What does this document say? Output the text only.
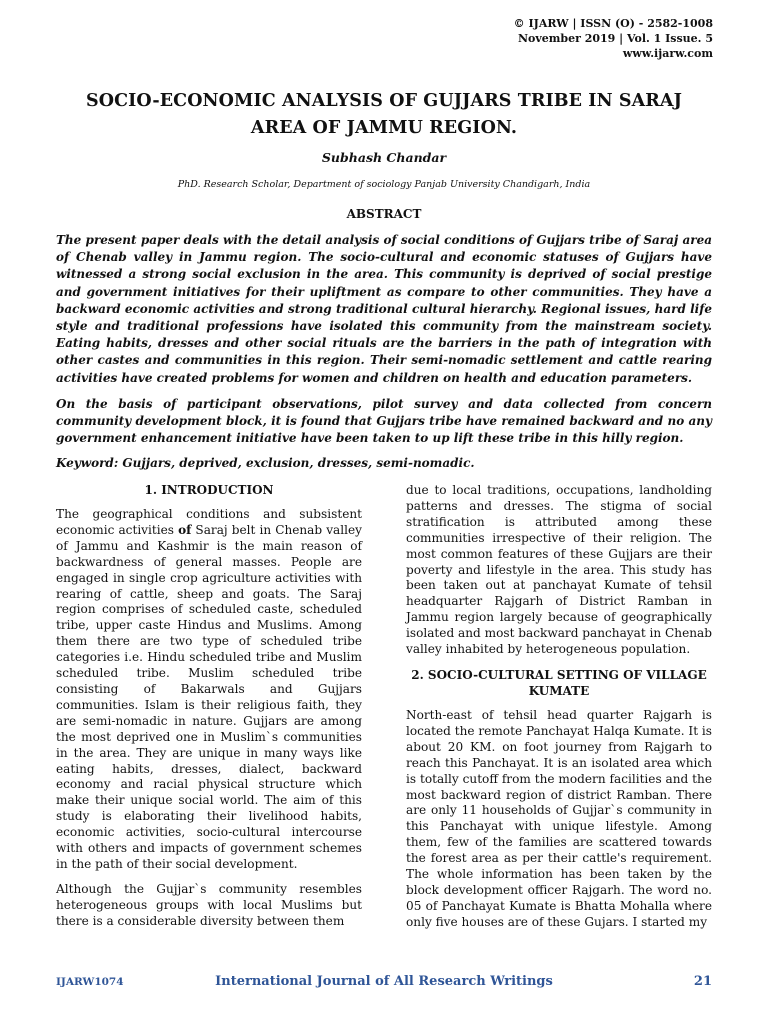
© IJARW | ISSN (O) - 2582-1008
November 2019 | Vol. 1 Issue. 5
www.ijarw.com
SOCIO-ECONOMIC ANALYSIS OF GUJJARS TRIBE IN SARAJ AREA OF JAMMU REGION.
Subhash Chandar
PhD. Research Scholar, Department of sociology Panjab University Chandigarh, India
ABSTRACT

The present paper deals with the detail analysis of social conditions of Gujjars tribe of Saraj area of Chenab valley in Jammu region. The socio-cultural and economic statuses of Gujjars have witnessed a strong social exclusion in the area. This community is deprived of social prestige and government initiatives for their upliftment as compare to other communities. They have a backward economic activities and strong traditional cultural hierarchy. Regional issues, hard life style and traditional professions have isolated this community from the mainstream society. Eating habits, dresses and other social rituals are the barriers in the path of integration with other castes and communities in this region. Their semi-nomadic settlement and cattle rearing activities have created problems for women and children on health and education parameters.

On the basis of participant observations, pilot survey and data collected from concern community development block, it is found that Gujjars tribe have remained backward and no any government enhancement initiative have been taken to up lift these tribe in this hilly region.

Keyword: Gujjars, deprived, exclusion, dresses, semi-nomadic.
1. INTRODUCTION

The geographical conditions and subsistent economic activities of Saraj belt in Chenab valley of Jammu and Kashmir is the main reason of backwardness of general masses. People are engaged in single crop agriculture activities with rearing of cattle, sheep and goats. The Saraj region comprises of scheduled caste, scheduled tribe, upper caste Hindus and Muslims. Among them there are two type of scheduled tribe categories i.e. Hindu scheduled tribe and Muslim scheduled tribe. Muslim scheduled tribe consisting of Bakarwals and Gujjars communities. Islam is their religious faith, they are semi-nomadic in nature. Gujjars are among the most deprived one in Muslim`s communities in the area. They are unique in many ways like eating habits, dresses, dialect, backward economy and racial physical structure which make their unique social world. The aim of this study is elaborating their livelihood habits, economic activities, socio-cultural intercourse with others and impacts of government schemes in the path of their social development.

Although the Gujjar`s community resembles heterogeneous groups with local Muslims but there is a considerable diversity between them

due to local traditions, occupations, landholding patterns and dresses. The stigma of social stratification is attributed among these communities irrespective of their religion. The most common features of these Gujjars are their poverty and lifestyle in the area. This study has been taken out at panchayat Kumate of tehsil headquarter Rajgarh of District Ramban in Jammu region largely because of geographically isolated and most backward panchayat in Chenab valley inhabited by heterogeneous population.

2. SOCIO-CULTURAL SETTING OF VILLAGE KUMATE

North-east of tehsil head quarter Rajgarh is located the remote Panchayat Halqa Kumate. It is about 20 KM. on foot journey from Rajgarh to reach this Panchayat. It is an isolated area which is totally cutoff from the modern facilities and the most backward region of district Ramban. There are only 11 households of Gujjar`s community in this Panchayat with unique lifestyle. Among them, few of the families are scattered towards the forest area as per their cattle's requirement. The whole information has been taken by the block development officer Rajgarh. The word no. 05 of Panchayat Kumate is Bhatta Mohalla where only five houses are of these Gujars. I started my

IJARW1074	International Journal of All Research Writings	21
